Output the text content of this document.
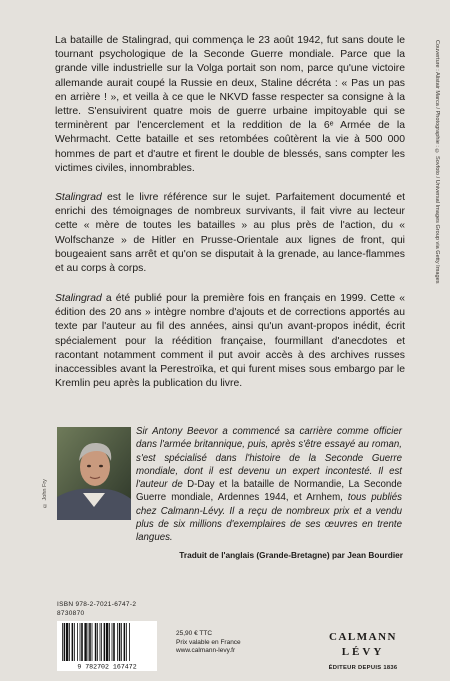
La bataille de Stalingrad, qui commença le 23 août 1942, fut sans doute le tournant psychologique de la Seconde Guerre mondiale. Parce que la grande ville industrielle sur la Volga portait son nom, parce qu'une victoire allemande aurait coupé la Russie en deux, Staline décréta : « Pas un pas en arrière ! », et veilla à ce que le NKVD fasse respecter sa consigne à la lettre. S'ensuivirent quatre mois de guerre urbaine impitoyable qui se terminèrent par l'encerclement et la reddition de la 6ᵉ Armée de la Wehrmacht. Cette bataille et ses retombées coûtèrent la vie à 500 000 hommes de part et d'autre et firent le double de blessés, sans compter les victimes civiles, innombrables.

Stalingrad est le livre référence sur le sujet. Parfaitement documenté et enrichi des témoignages de nombreux survivants, il fait vivre au lecteur cette « mère de toutes les batailles » au plus près de l'action, du « Wolfschanze » de Hitler en Prusse-Orientale aux lignes de front, qui bougeaient sans arrêt et qu'on se disputait à la grenade, au lance-flammes et au corps à corps.

Stalingrad a été publié pour la première fois en français en 1999. Cette « édition des 20 ans » intègre nombre d'ajouts et de corrections apportés au texte par l'auteur au fil des années, ainsi qu'un avant-propos inédit, écrit spécialement pour la réédition française, fourmillant d'anecdotes et racontant notamment comment il put avoir accès à des archives russes inaccessibles avant la Perestroïka, et qui furent mises sous embargo par le Kremlin peu après la publication du livre.

© John Fry

Sir Antony Beevor a commencé sa carrière comme officier dans l'armée britannique, puis, après s'être essayé au roman, s'est spécialisé dans l'histoire de la Seconde Guerre mondiale, dont il est devenu un expert incontesté. Il est l'auteur de D-Day et la bataille de Normandie, La Seconde Guerre mondiale, Ardennes 1944, et Arnhem, tous publiés chez Calmann-Lévy. Il a reçu de nombreux prix et a vendu plus de six millions d'exemplaires de ses œuvres en trente langues.

Traduit de l'anglais (Grande-Bretagne) par Jean Bourdier
Couverture : Alistair Marca / Photographie : © Sovfoto / Universal Images Group via Getty Images
ISBN 978-2-7021-6747-2
8730870
9 782702 167472
25,90 € TTC
Prix valable en France
www.calmann-levy.fr
CALMANN
LÉVY
ÉDITEUR DEPUIS 1836
